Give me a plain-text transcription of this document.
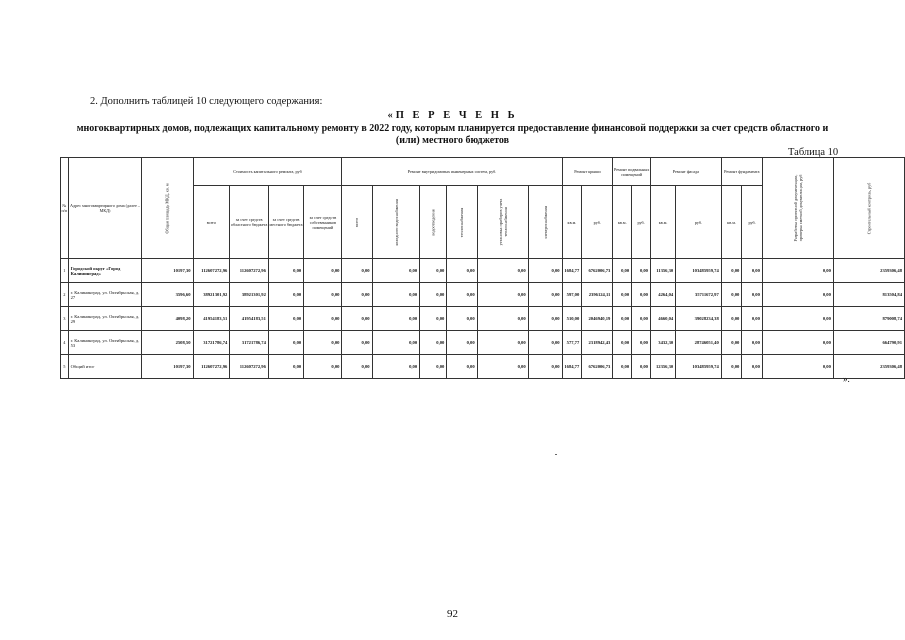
2. Дополнить таблицей 10 следующего содержания:
«П Е Р Е Ч Е Н Ь
многоквартирных домов, подлежащих капитальному ремонту в 2022 году, которым планируется предоставление финансовой поддержки за счет средств областного и (или) местного бюджетов
Таблица 10
№ п/п	Адрес многоквартирного дома (далее – МКД)	Общая площадь МКД, кв. м	Стоимость капитального ремонта, руб				Ремонт внутридомовых инженерных систем, руб.						Ремонт крыши		Ремонт подвальных помещений		Ремонт фасада		Ремонт фундамента		Разработка проектной документации, проверка сметной документации, руб	Строительный контроль, руб
			всего	за счет средств областного бюджета	за счет средств местного бюджета	за счет средств собственников помещений	всего	холодного водоснабжения	водоотведения	теплоснабжения	установка приборов учета теплоснабжения	электроснабжения	кв.м.	руб.	кв.м.	руб.	кв.м.	руб.	кв.м.	руб.		
1	Городской округ «Город Калининград»	10197,30	112607272,96	112607272,96	0,00	0,00	0,00	0,00	0,00	0,00	0,00	0,00	1684,77	6762006,73	0,00	0,00	11356,30	103485959,74	0,00	0,00	0,00	2359306,48
2	г. Калининград, ул. Октябрьская, д. 27	3596,60	38921301,92	38921301,92	0,00	0,00	0,00	0,00	0,00	0,00	0,00	0,00	597,00	2396124,11	0,00	0,00	4264,04	35711672,97	0,00	0,00	0,00	813504,84
3	г. Калининград, ул. Октябрьская, д. 29	4098,20	41954183,51	41954183,51	0,00	0,00	0,00	0,00	0,00	0,00	0,00	0,00	510,00	2046940,19	0,00	0,00	4660,04	39028234,38	0,00	0,00	0,00	879008,74
4	г. Калининград, ул. Октябрьская, д. 53	2508,50	31721786,74	31721786,74	0,00	0,00	0,00	0,00	0,00	0,00	0,00	0,00	577,77	2318942,43	0,00	0,00	3432,30	28746051,40	0,00	0,00	0,00	664790,91
5	Общий итог	10197,30	112607272,96	112607272,96	0,00	0,00	0,00	0,00	0,00	0,00	0,00	0,00	1684,77	6762006,73	0,00	0,00	12356,30	103485959,74	0,00	0,00	0,00	2359306,48
».
92
